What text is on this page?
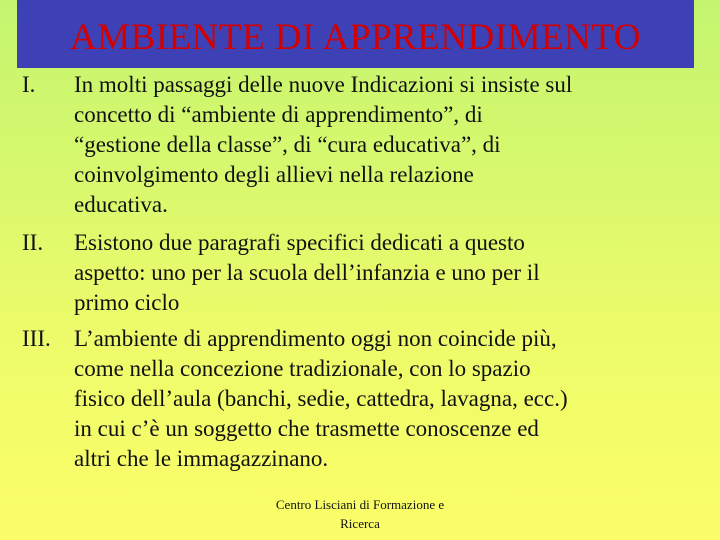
AMBIENTE DI APPRENDIMENTO
I. In molti passaggi delle nuove Indicazioni si insiste sul
concetto di “ambiente di apprendimento”, di
“gestione della classe”, di “cura educativa”, di
coinvolgimento degli allievi nella relazione
educativa.
II. Esistono due paragrafi specifici dedicati a questo
aspetto: uno per la scuola dell’infanzia e uno per il
primo ciclo
III. L’ambiente di apprendimento oggi non coincide più,
come nella concezione tradizionale, con lo spazio
fisico dell’aula (banchi, sedie, cattedra, lavagna, ecc.)
in cui c’è un soggetto che trasmette conoscenze ed
altri che le immagazzinano.
Centro Lisciani di Formazione e
Ricerca
